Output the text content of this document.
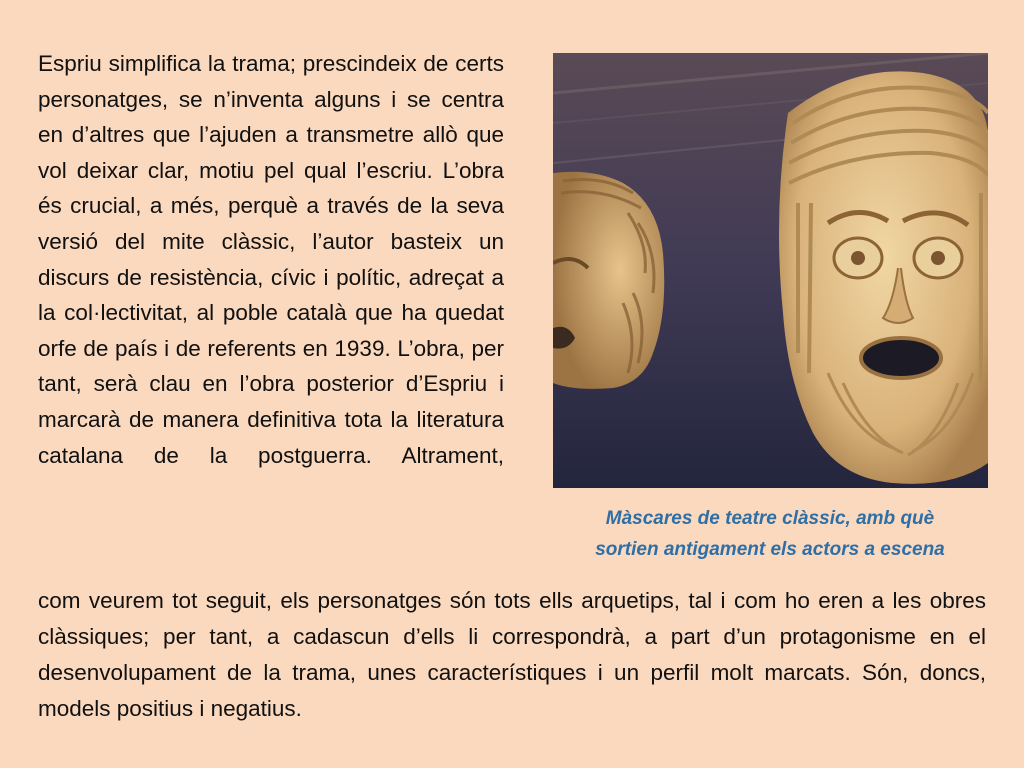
Espriu simplifica la trama; prescindeix de certs personatges, se n’inventa alguns i se centra en d’altres que l’ajuden a transmetre allò que vol deixar clar, motiu pel qual l’escriu. L’obra és crucial, a més, perquè a través de la seva versió del mite clàssic, l’autor basteix un discurs de resistència, cívic i polític, adreçat a la col·lectivitat, al poble català que ha quedat orfe de país i de referents en 1939. L’obra, per tant, serà clau en l’obra posterior d’Espriu i marcarà de manera definitiva tota la literatura catalana de la postguerra. Altrament,
Màscares de teatre clàssic, amb què
sortien antigament els actors a escena
com veurem tot seguit, els personatges són tots ells arquetips, tal i com ho eren a les obres clàssiques; per tant, a cadascun d’ells li correspondrà, a part d’un protagonisme en el desenvolupament de la trama, unes característiques i un perfil molt marcats. Són, doncs, models positius i negatius.
